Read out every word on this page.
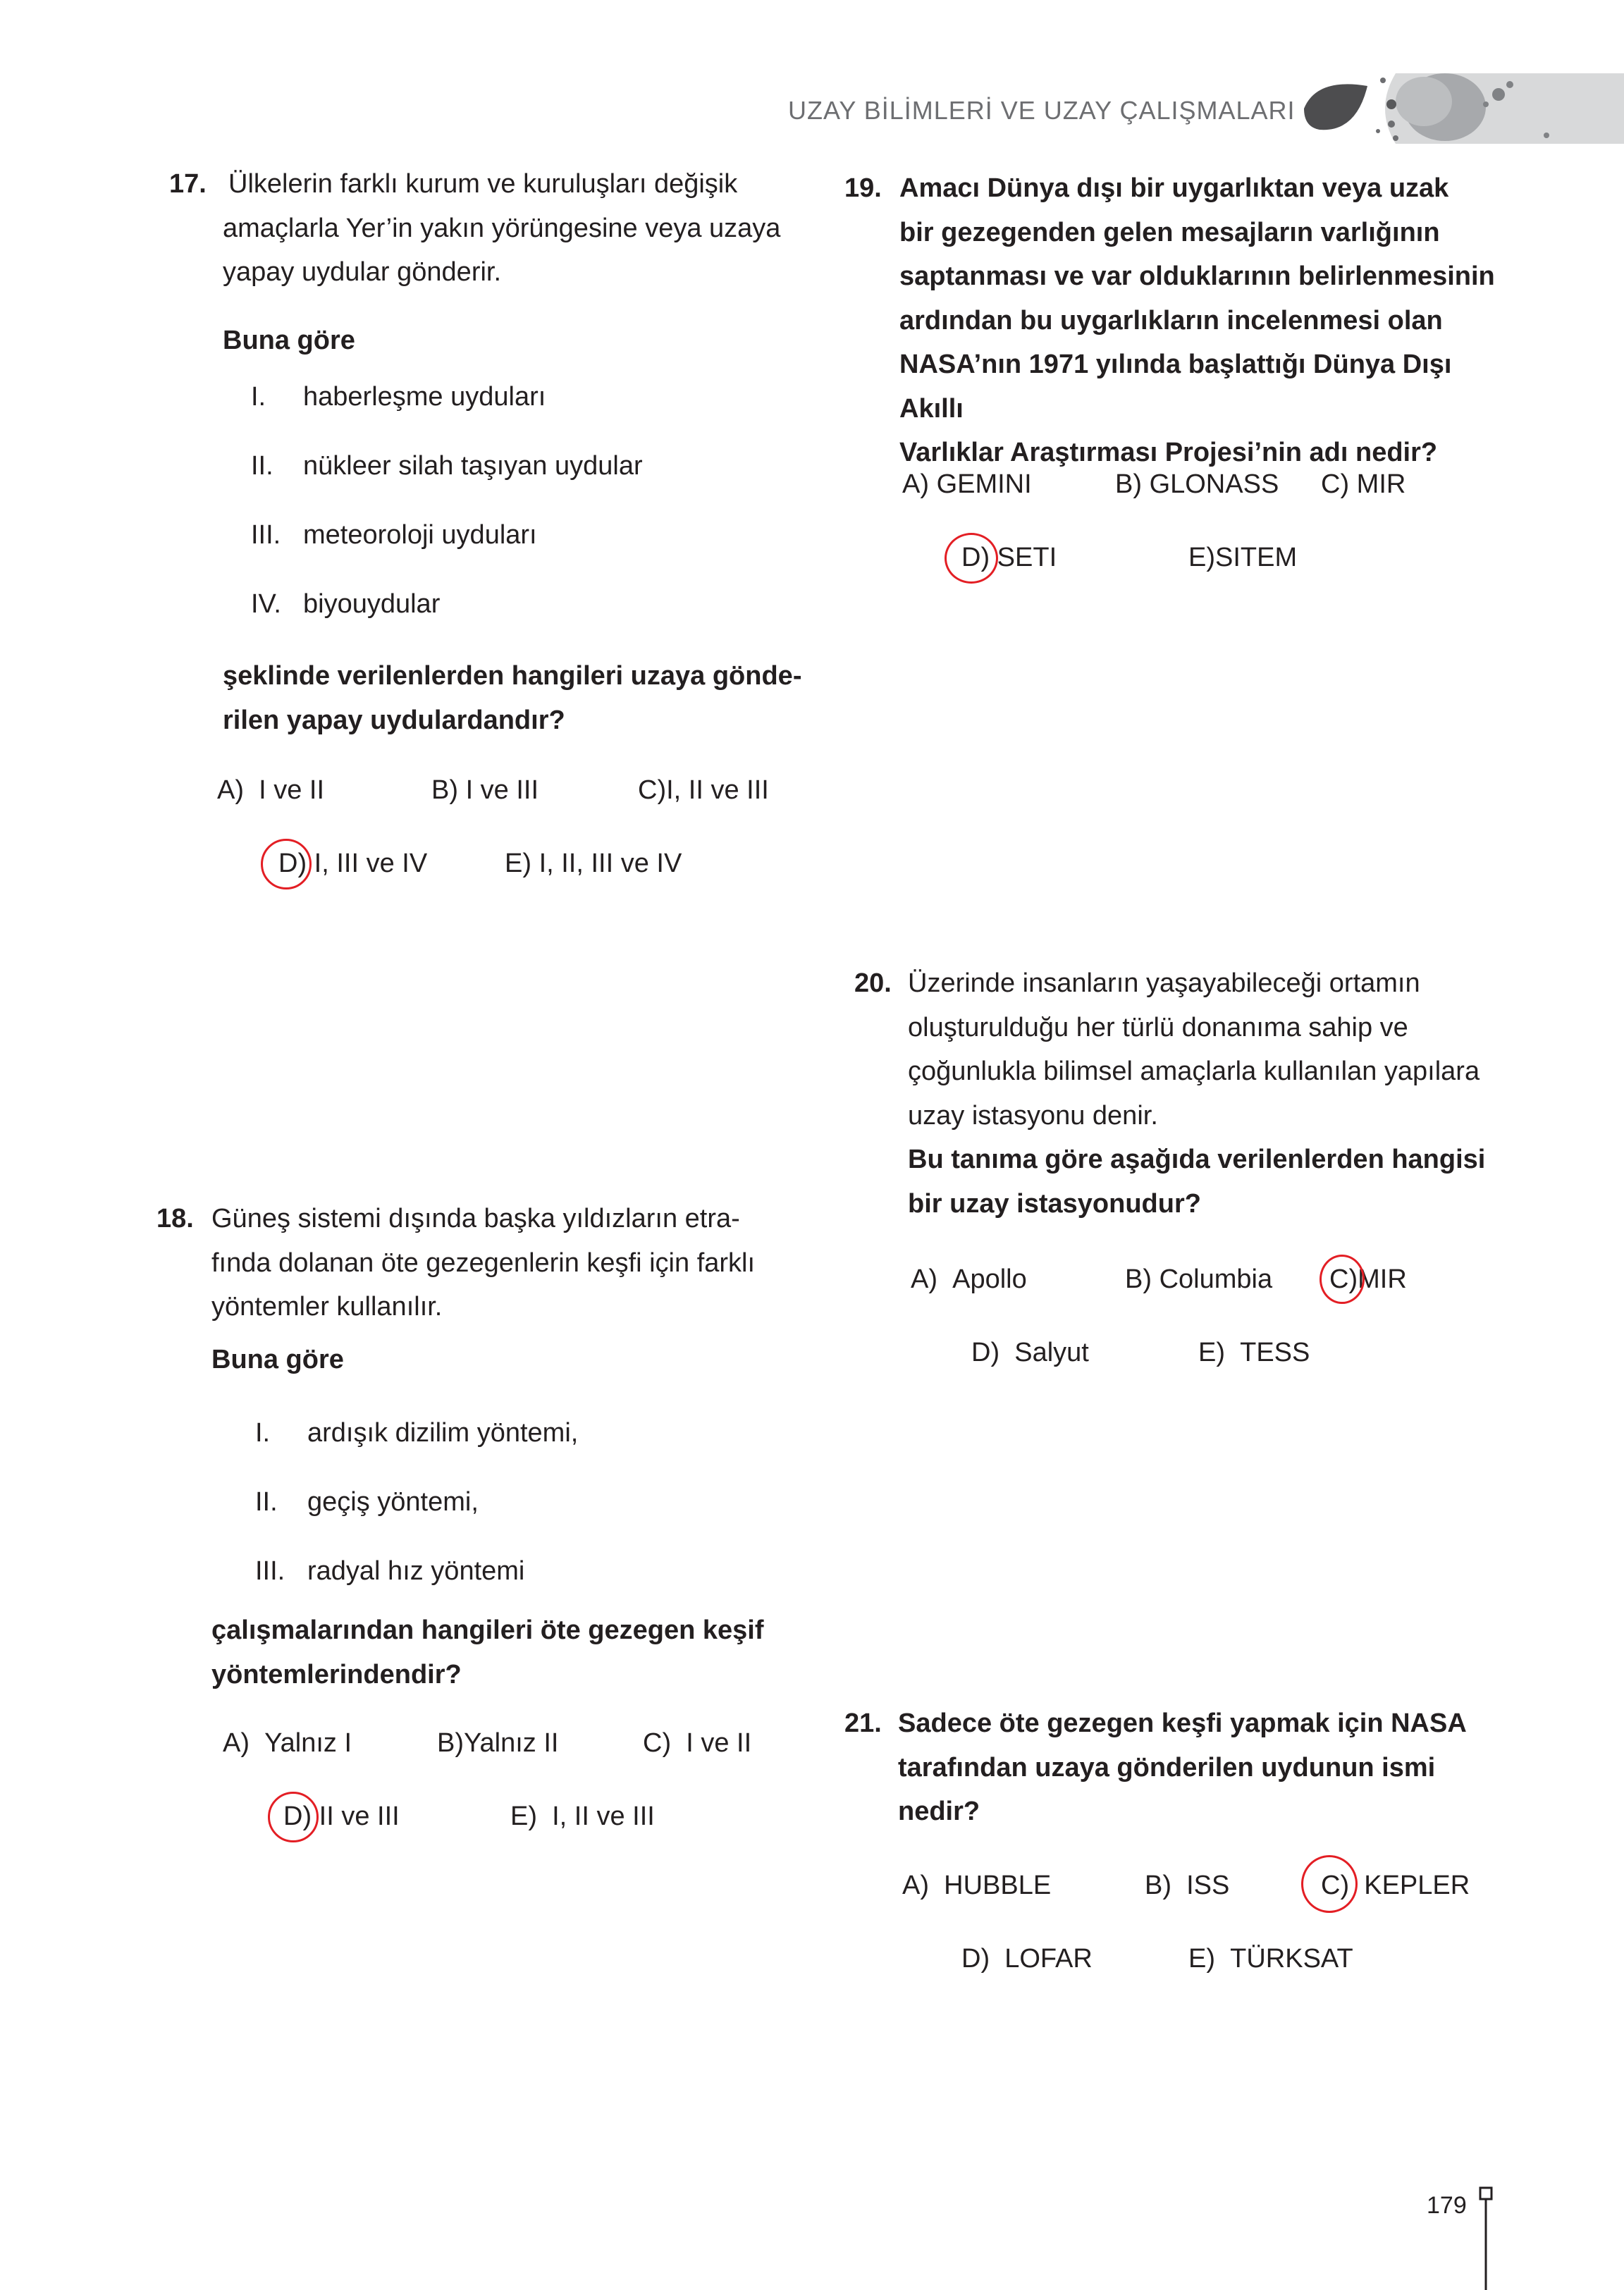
UZAY BİLİMLERİ VE UZAY ÇALIŞMALARI
17. Ülkelerin farklı kurum ve kuruluşları değişik
amaçlarla Yer’in yakın yörüngesine veya uzaya
yapay uydular gönderir.
Buna göre
I. haberleşme uyduları
II. nükleer silah taşıyan uydular
III. meteoroloji uyduları
IV. biyouydular
şeklinde verilenlerden hangileri uzaya gönde-
rilen yapay uydulardandır?
A) I ve II	B) I ve III	C)I, II ve III
D) I, III ve IV	E) I, II, III ve IV
18. Güneş sistemi dışında başka yıldızların etra-
fında dolanan öte gezegenlerin keşfi için farklı
yöntemler kullanılır.
Buna göre
I. ardışık dizilim yöntemi,
II. geçiş yöntemi,
III. radyal hız yöntemi
çalışmalarından hangileri öte gezegen keşif
yöntemlerindendir?
A) Yalnız I	B)Yalnız II	C) I ve II
D) II ve III	E) I, II ve III
19. Amacı Dünya dışı bir uygarlıktan veya uzak
bir gezegenden gelen mesajların varlığının
saptanması ve var olduklarının belirlenmesinin
ardından bu uygarlıkların incelenmesi olan
NASA’nın 1971 yılında başlattığı Dünya Dışı Akıllı
Varlıklar Araştırması Projesi’nin adı nedir?
A) GEMINI	B) GLONASS C) MIR
D) SETI	E)SITEM
20. Üzerinde insanların yaşayabileceği ortamın
oluşturulduğu her türlü donanıma sahip ve
çoğunlukla bilimsel amaçlarla kullanılan yapılara
uzay istasyonu denir.
Bu tanıma göre aşağıda verilenlerden hangisi
bir uzay istasyonudur?
A) Apollo	B) Columbia C)MIR
D) Salyut	E) TESS
21. Sadece öte gezegen keşfi yapmak için NASA
tarafından uzaya gönderilen uydunun ismi
nedir?
A) HUBBLE	B) ISS	C) KEPLER
D) LOFAR	E) TÜRKSAT
179
